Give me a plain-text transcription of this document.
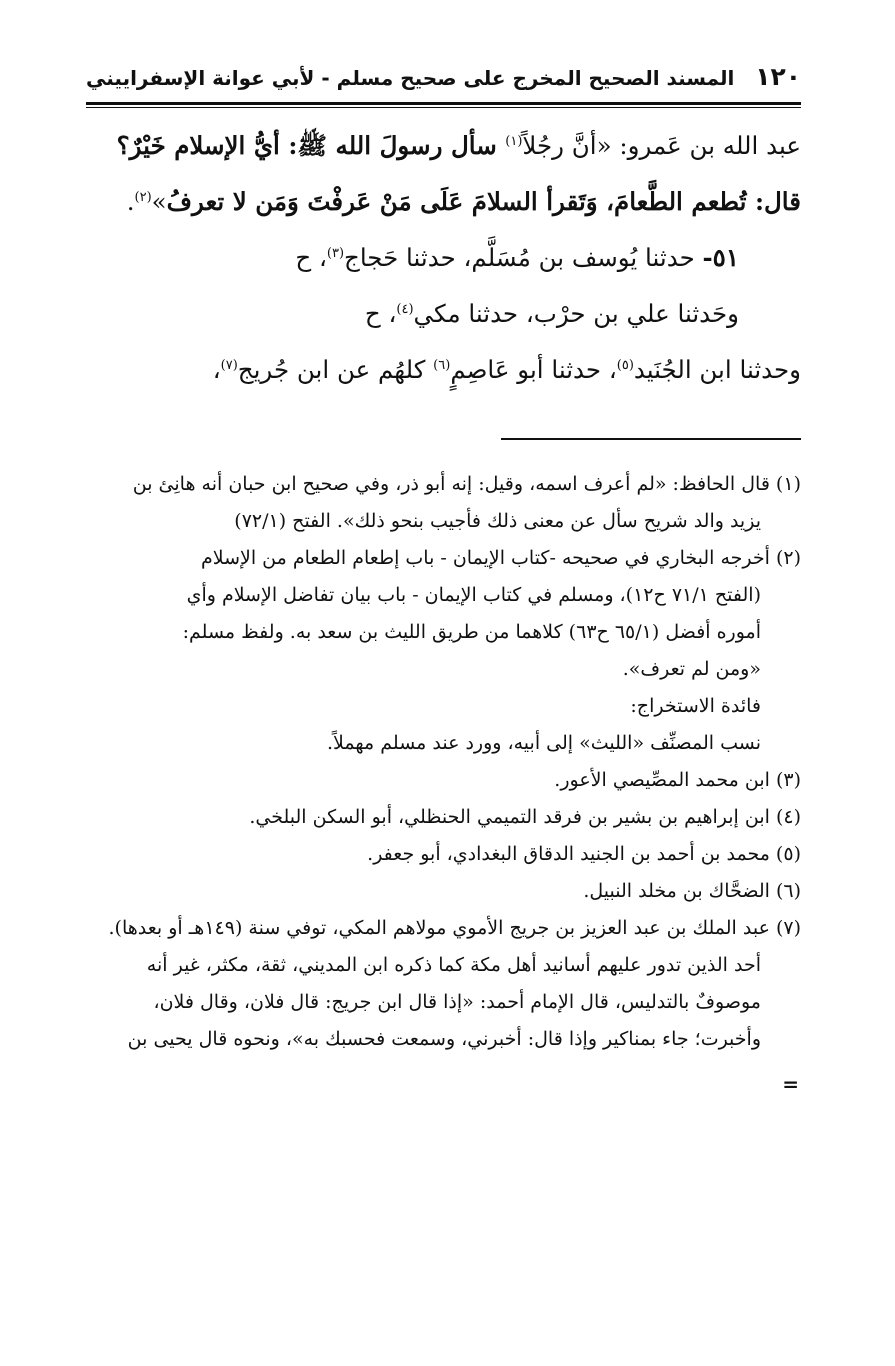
١٢٠
المسند الصحيح المخرج على صحيح مسلم - لأبي عوانة الإسفراييني

عبد الله بن عَمرو: «أنَّ رجُلاً$^{(١)}$ سأل رسولَ الله ﷺ: أيُّ الإسلام خَيْرٌ؟

قال: تُطعم الطَّعامَ، وَتَقرأ السلامَ عَلَى مَنْ عَرفْتَ وَمَن لا تعرفُ»$^{(٢)}$.

٥١- حدثنا يُوسف بن مُسَلَّم، حدثنا حَجاج$^{(٣)}$، ح

وحَدثنا علي بن حرْب، حدثنا مكي$^{(٤)}$، ح

وحدثنا ابن الجُنَيد$^{(٥)}$، حدثنا أبو عَاصِمٍ$^{(٦)}$ كلهُم عن ابن جُريج$^{(٧)}$،

(١) قال الحافظ: «لم أعرف اسمه، وقيل: إنه أبو ذر، وفي صحيح ابن حبان أنه هانِئ بن

يزيد والد شريح سأل عن معنى ذلك فأجيب بنحو ذلك». الفتح (٧٢/١)

(٢) أخرجه البخاري في صحيحه -كتاب الإيمان - باب إطعام الطعام من الإسلام

(الفتح ٧١/١ ح١٢)، ومسلم في كتاب الإيمان - باب بيان تفاضل الإسلام وأي

أموره أفضل (٦٥/١ ح٦٣) كلاهما من طريق الليث بن سعد به. ولفظ مسلم:

«ومن لم تعرف».

فائدة الاستخراج:

نسب المصنِّف «الليث» إلى أبيه، وورد عند مسلم مهملاً.

(٣) ابن محمد المصِّيصي الأعور.

(٤) ابن إبراهيم بن بشير بن فرقد التميمي الحنظلي، أبو السكن البلخي.

(٥) محمد بن أحمد بن الجنيد الدقاق البغدادي، أبو جعفر.

(٦) الضحَّاك بن مخلد النبيل.

(٧) عبد الملك بن عبد العزيز بن جريج الأموي مولاهم المكي، توفي سنة (١٤٩هـ أو بعدها).

أحد الذين تدور عليهم أسانيد أهل مكة كما ذكره ابن المديني، ثقة، مكثر، غير أنه

موصوفٌ بالتدليس، قال الإمام أحمد: «إذا قال ابن جريج: قال فلان، وقال فلان،

وأخبرت؛ جاء بمناكير وإذا قال: أخبرني، وسمعت فحسبك به»، ونحوه قال يحيى بن

=
